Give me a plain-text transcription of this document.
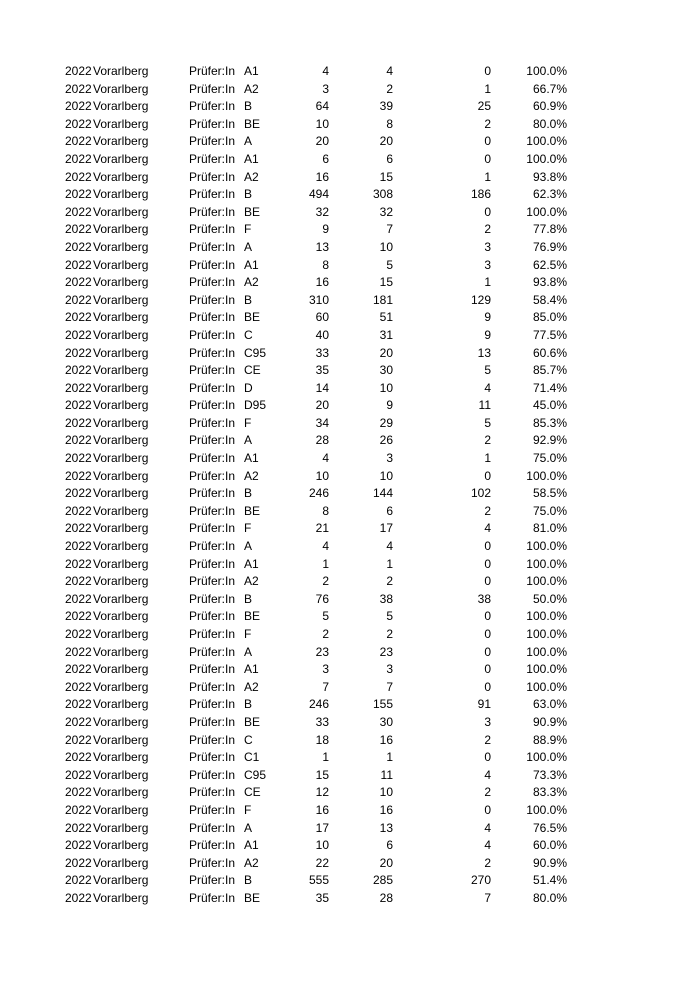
2022 Vorarlberg	Prüfer:In A1	4	4	0	100.0%
2022 Vorarlberg	Prüfer:In A2	3	2	1	66.7%
2022 Vorarlberg	Prüfer:In B	64	39	25	60.9%
2022 Vorarlberg	Prüfer:In BE	10	8	2	80.0%
2022 Vorarlberg	Prüfer:In A	20	20	0	100.0%
2022 Vorarlberg	Prüfer:In A1	6	6	0	100.0%
2022 Vorarlberg	Prüfer:In A2	16	15	1	93.8%
2022 Vorarlberg	Prüfer:In B	494	308	186	62.3%
2022 Vorarlberg	Prüfer:In BE	32	32	0	100.0%
2022 Vorarlberg	Prüfer:In F	9	7	2	77.8%
2022 Vorarlberg	Prüfer:In A	13	10	3	76.9%
2022 Vorarlberg	Prüfer:In A1	8	5	3	62.5%
2022 Vorarlberg	Prüfer:In A2	16	15	1	93.8%
2022 Vorarlberg	Prüfer:In B	310	181	129	58.4%
2022 Vorarlberg	Prüfer:In BE	60	51	9	85.0%
2022 Vorarlberg	Prüfer:In C	40	31	9	77.5%
2022 Vorarlberg	Prüfer:In C95	33	20	13	60.6%
2022 Vorarlberg	Prüfer:In CE	35	30	5	85.7%
2022 Vorarlberg	Prüfer:In D	14	10	4	71.4%
2022 Vorarlberg	Prüfer:In D95	20	9	11	45.0%
2022 Vorarlberg	Prüfer:In F	34	29	5	85.3%
2022 Vorarlberg	Prüfer:In A	28	26	2	92.9%
2022 Vorarlberg	Prüfer:In A1	4	3	1	75.0%
2022 Vorarlberg	Prüfer:In A2	10	10	0	100.0%
2022 Vorarlberg	Prüfer:In B	246	144	102	58.5%
2022 Vorarlberg	Prüfer:In BE	8	6	2	75.0%
2022 Vorarlberg	Prüfer:In F	21	17	4	81.0%
2022 Vorarlberg	Prüfer:In A	4	4	0	100.0%
2022 Vorarlberg	Prüfer:In A1	1	1	0	100.0%
2022 Vorarlberg	Prüfer:In A2	2	2	0	100.0%
2022 Vorarlberg	Prüfer:In B	76	38	38	50.0%
2022 Vorarlberg	Prüfer:In BE	5	5	0	100.0%
2022 Vorarlberg	Prüfer:In F	2	2	0	100.0%
2022 Vorarlberg	Prüfer:In A	23	23	0	100.0%
2022 Vorarlberg	Prüfer:In A1	3	3	0	100.0%
2022 Vorarlberg	Prüfer:In A2	7	7	0	100.0%
2022 Vorarlberg	Prüfer:In B	246	155	91	63.0%
2022 Vorarlberg	Prüfer:In BE	33	30	3	90.9%
2022 Vorarlberg	Prüfer:In C	18	16	2	88.9%
2022 Vorarlberg	Prüfer:In C1	1	1	0	100.0%
2022 Vorarlberg	Prüfer:In C95	15	11	4	73.3%
2022 Vorarlberg	Prüfer:In CE	12	10	2	83.3%
2022 Vorarlberg	Prüfer:In F	16	16	0	100.0%
2022 Vorarlberg	Prüfer:In A	17	13	4	76.5%
2022 Vorarlberg	Prüfer:In A1	10	6	4	60.0%
2022 Vorarlberg	Prüfer:In A2	22	20	2	90.9%
2022 Vorarlberg	Prüfer:In B	555	285	270	51.4%
2022 Vorarlberg	Prüfer:In BE	35	28	7	80.0%
